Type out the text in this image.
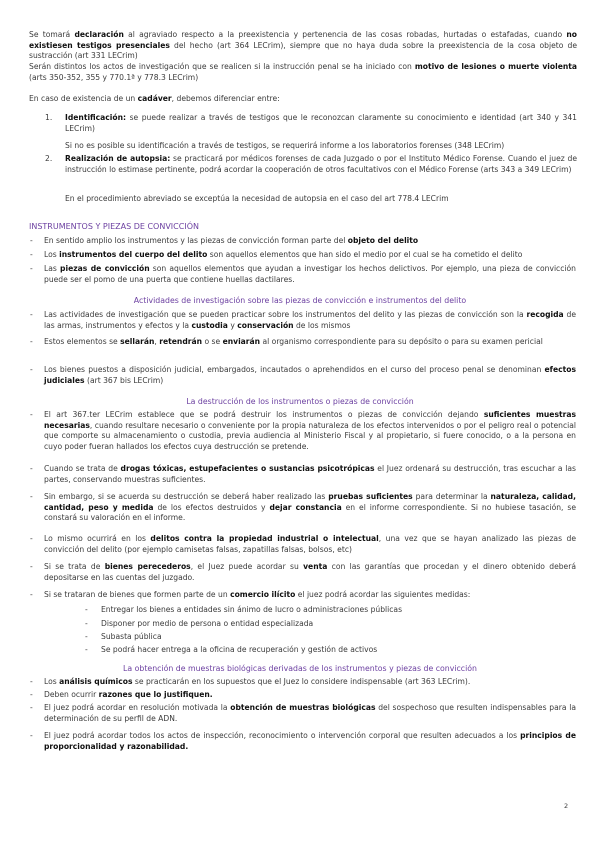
Se tomará declaración al agraviado respecto a la preexistencia y pertenencia de las cosas robadas, hurtadas o estafadas, cuando no existiesen testigos presenciales del hecho (art 364 LECrim), siempre que no haya duda sobre la preexistencia de la cosa objeto de sustracción (art 331 LECrim)

Serán distintos los actos de investigación que se realicen si la instrucción penal se ha iniciado con motivo de lesiones o muerte violenta (arts 350-352, 355 y 770.1ª y 778.3 LECrim)

En caso de existencia de un cadáver, debemos diferenciar entre:

1. Identificación: se puede realizar a través de testigos que le reconozcan claramente su conocimiento e identidad (art 340 y 341 LECrim)

Si no es posible su identificación a través de testigos, se requerirá informe a los laboratorios forenses (348 LECrim)

2. Realización de autopsia: se practicará por médicos forenses de cada Juzgado o por el Instituto Médico Forense. Cuando el juez de instrucción lo estimase pertinente, podrá acordar la cooperación de otros facultativos con el Médico Forense (arts 343 a 349 LECrim)

En el procedimiento abreviado se exceptúa la necesidad de autopsia en el caso del art 778.4 LECrim

INSTRUMENTOS Y PIEZAS DE CONVICCIÓN

- En sentido amplio los instrumentos y las piezas de convicción forman parte del objeto del delito

- Los instrumentos del cuerpo del delito son aquellos elementos que han sido el medio por el cual se ha cometido el delito

- Las piezas de convicción son aquellos elementos que ayudan a investigar los hechos delictivos. Por ejemplo, una pieza de convicción puede ser el pomo de una puerta que contiene huellas dactilares.

Actividades de investigación sobre las piezas de convicción e instrumentos del delito

- Las actividades de investigación que se pueden practicar sobre los instrumentos del delito y las piezas de convicción son la recogida de las armas, instrumentos y efectos y la custodia y conservación de los mismos

- Estos elementos se sellarán, retendrán o se enviarán al organismo correspondiente para su depósito o para su examen pericial

- Los bienes puestos a disposición judicial, embargados, incautados o aprehendidos en el curso del proceso penal se denominan efectos judiciales (art 367 bis LECrim)

La destrucción de los instrumentos o piezas de convicción

- El art 367.ter LECrim establece que se podrá destruir los instrumentos o piezas de convicción dejando suficientes muestras necesarias, cuando resultare necesario o conveniente por la propia naturaleza de los efectos intervenidos o por el peligro real o potencial que comporte su almacenamiento o custodia, previa audiencia al Ministerio Fiscal y al propietario, si fuere conocido, o a la persona en cuyo poder fueran hallados los efectos cuya destrucción se pretende.

- Cuando se trata de drogas tóxicas, estupefacientes o sustancias psicotrópicas el Juez ordenará su destrucción, tras escuchar a las partes, conservando muestras suficientes.

- Sin embargo, si se acuerda su destrucción se deberá haber realizado las pruebas suficientes para determinar la naturaleza, calidad, cantidad, peso y medida de los efectos destruidos y dejar constancia en el informe correspondiente. Si no hubiese tasación, se constará su valoración en el informe.

- Lo mismo ocurrirá en los delitos contra la propiedad industrial o intelectual, una vez que se hayan analizado las piezas de convicción del delito (por ejemplo camisetas falsas, zapatillas falsas, bolsos, etc)

- Si se trata de bienes perecederos, el Juez puede acordar su venta con las garantías que procedan y el dinero obtenido deberá depositarse en las cuentas del juzgado.

- Si se trataran de bienes que formen parte de un comercio ilícito el juez podrá acordar las siguientes medidas:

- Entregar los bienes a entidades sin ánimo de lucro o administraciones públicas

- Disponer por medio de persona o entidad especializada

- Subasta pública

- Se podrá hacer entrega a la oficina de recuperación y gestión de activos

La obtención de muestras biológicas derivadas de los instrumentos y piezas de convicción

- Los análisis químicos se practicarán en los supuestos que el Juez lo considere indispensable (art 363 LECrim).

- Deben ocurrir razones que lo justifiquen.

- El juez podrá acordar en resolución motivada la obtención de muestras biológicas del sospechoso que resulten indispensables para la determinación de su perfil de ADN.

- El juez podrá acordar todos los actos de inspección, reconocimiento o intervención corporal que resulten adecuados a los principios de proporcionalidad y razonabilidad.

2
